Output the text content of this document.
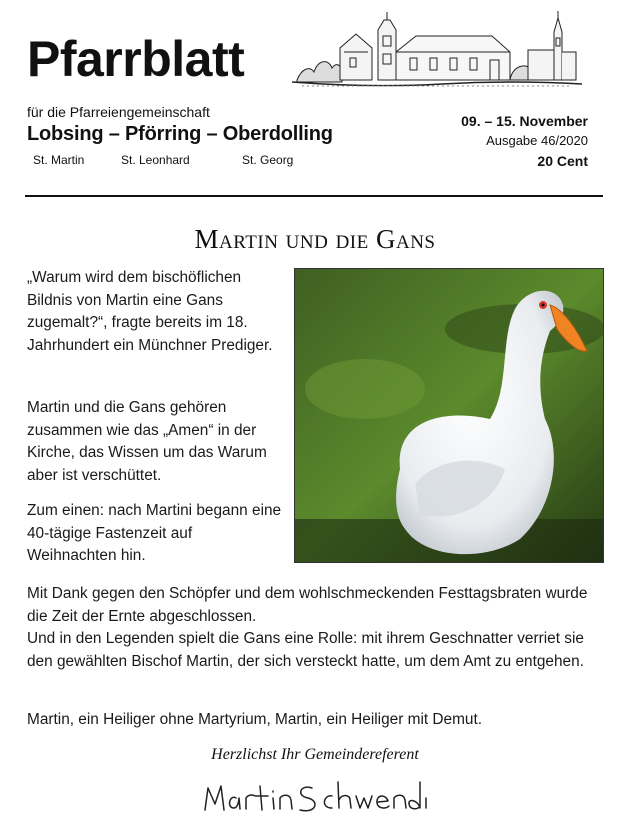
Pfarrblatt
für die Pfarreiengemeinschaft
Lobsing – Pförring – Oberdolling
St. Martin	St. Leonhard	St. Georg
09. – 15. November
Ausgabe 46/2020
20 Cent
Martin und die Gans
„Warum wird dem bischöflichen Bildnis von Martin eine Gans zugemalt?“, fragte bereits im 18. Jahrhundert ein Münchner Prediger.
Martin und die Gans gehören zusammen wie das „Amen“ in der Kirche, das Wissen um das Warum aber ist verschüttet.
Zum einen: nach Martini begann eine 40-tägige Fastenzeit auf Weihnachten hin.
Mit Dank gegen den Schöpfer und dem wohlschmeckenden Festtagsbraten wurde die Zeit der Ernte abgeschlossen.
Und in den Legenden spielt die Gans eine Rolle: mit ihrem Geschnatter verriet sie den gewählten Bischof Martin, der sich versteckt hatte, um dem Amt zu entgehen.
Martin, ein Heiliger ohne Martyrium, Martin, ein Heiliger mit Demut.
Herzlichst Ihr Gemeindereferent
